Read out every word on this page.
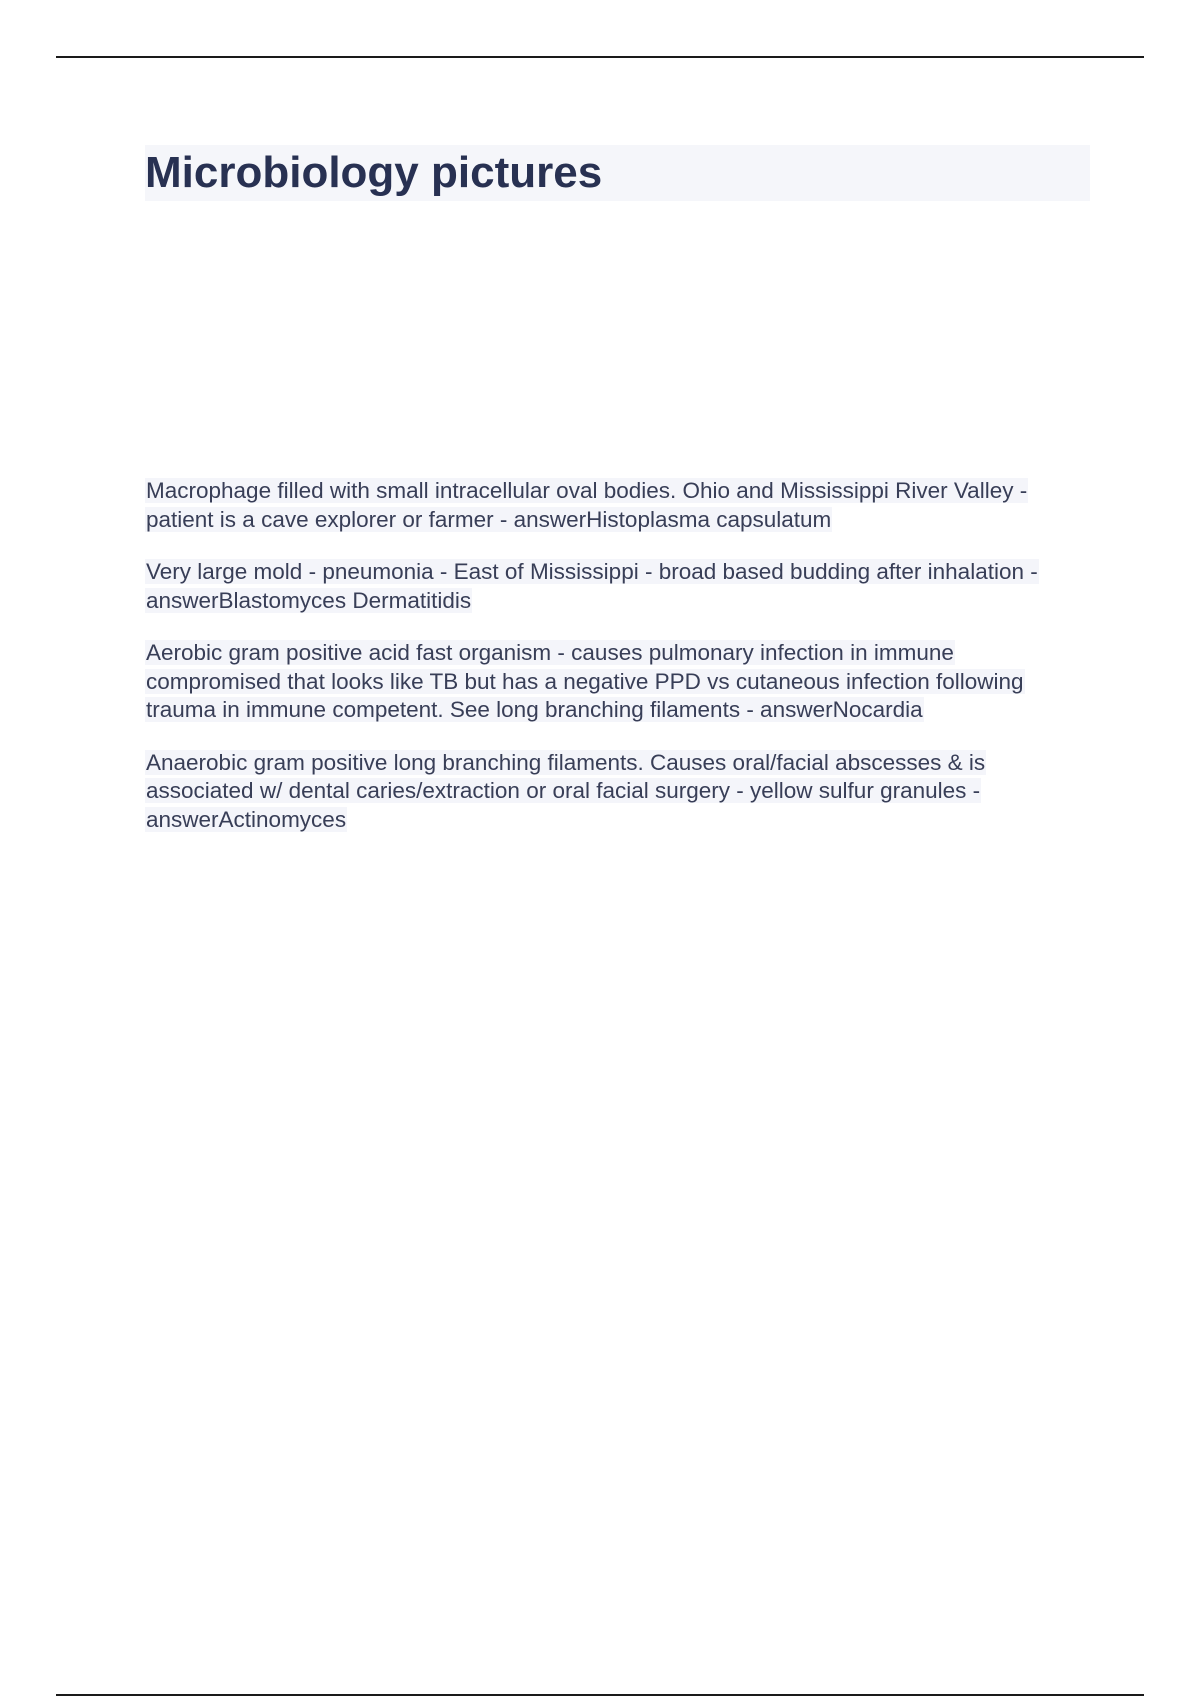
Microbiology pictures

Macrophage filled with small intracellular oval bodies. Ohio and Mississippi River Valley - patient is a cave explorer or farmer - answerHistoplasma capsulatum

Very large mold - pneumonia - East of Mississippi - broad based budding after inhalation - answerBlastomyces Dermatitidis

Aerobic gram positive acid fast organism - causes pulmonary infection in immune compromised that looks like TB but has a negative PPD vs cutaneous infection following trauma in immune competent. See long branching filaments - answerNocardia

Anaerobic gram positive long branching filaments. Causes oral/facial abscesses & is associated w/ dental caries/extraction or oral facial surgery - yellow sulfur granules - answerActinomyces
